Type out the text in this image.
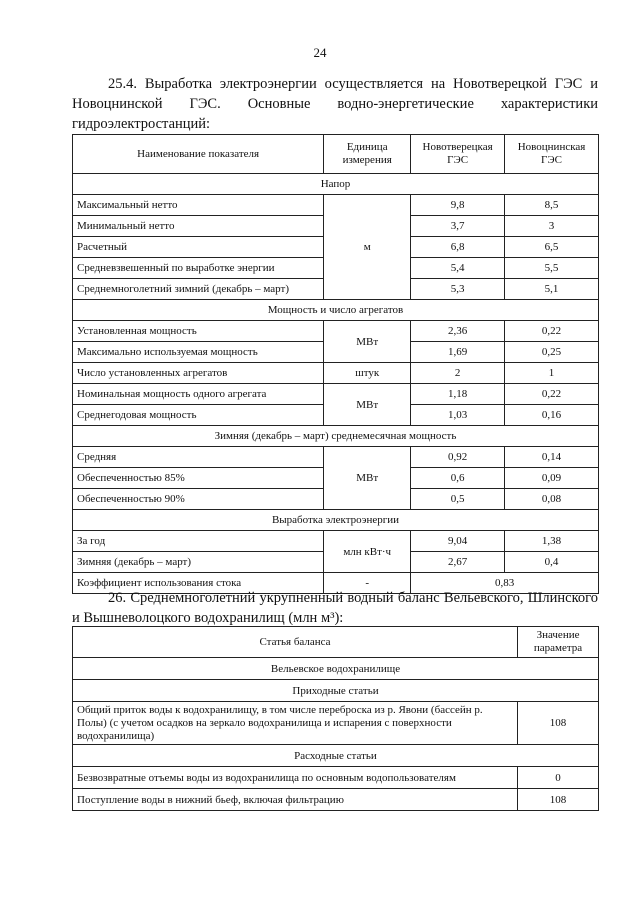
24
25.4. Выработка электроэнергии осуществляется на Новотверецкой ГЭС и Новоцнинской ГЭС. Основные водно-энергетические характеристики гидроэлектростанций:
Наименование показателя	Единица измерения	Новотверецкая ГЭС	Новоцнинская ГЭС
Напор			
Максимальный нетто	м	9,8	8,5
Минимальный нетто		3,7	3
Расчетный		6,8	6,5
Средневзвешенный по выработке энергии		5,4	5,5
Среднемноголетний зимний (декабрь – март)		5,3	5,1
Мощность и число агрегатов			
Установленная мощность	МВт	2,36	0,22
Максимально используемая мощность		1,69	0,25
Число установленных агрегатов	штук	2	1
Номинальная мощность одного агрегата	МВт	1,18	0,22
Среднегодовая мощность		1,03	0,16
Зимняя (декабрь – март) среднемесячная мощность			
Средняя	МВт	0,92	0,14
Обеспеченностью 85%		0,6	0,09
Обеспеченностью 90%		0,5	0,08
Выработка электроэнергии			
За год	млн кВт·ч	9,04	1,38
Зимняя (декабрь – март)		2,67	0,4
Коэффициент использования стока	-	0,83	
26. Среднемноголетний укрупненный водный баланс Вельевского, Шлинского и Вышневолоцкого водохранилищ (млн м³):
Статья баланса	Значение параметра
Вельевское водохранилище	
Приходные статьи	
Общий приток воды к водохранилищу, в том числе переброска из р. Явони (бассейн р. Полы) (с учетом осадков на зеркало водохранилища и испарения с поверхности водохранилища)	108
Расходные статьи	
Безвозвратные отъемы воды из водохранилища по основным водопользователям	0
Поступление воды в нижний бьеф, включая фильтрацию	108
